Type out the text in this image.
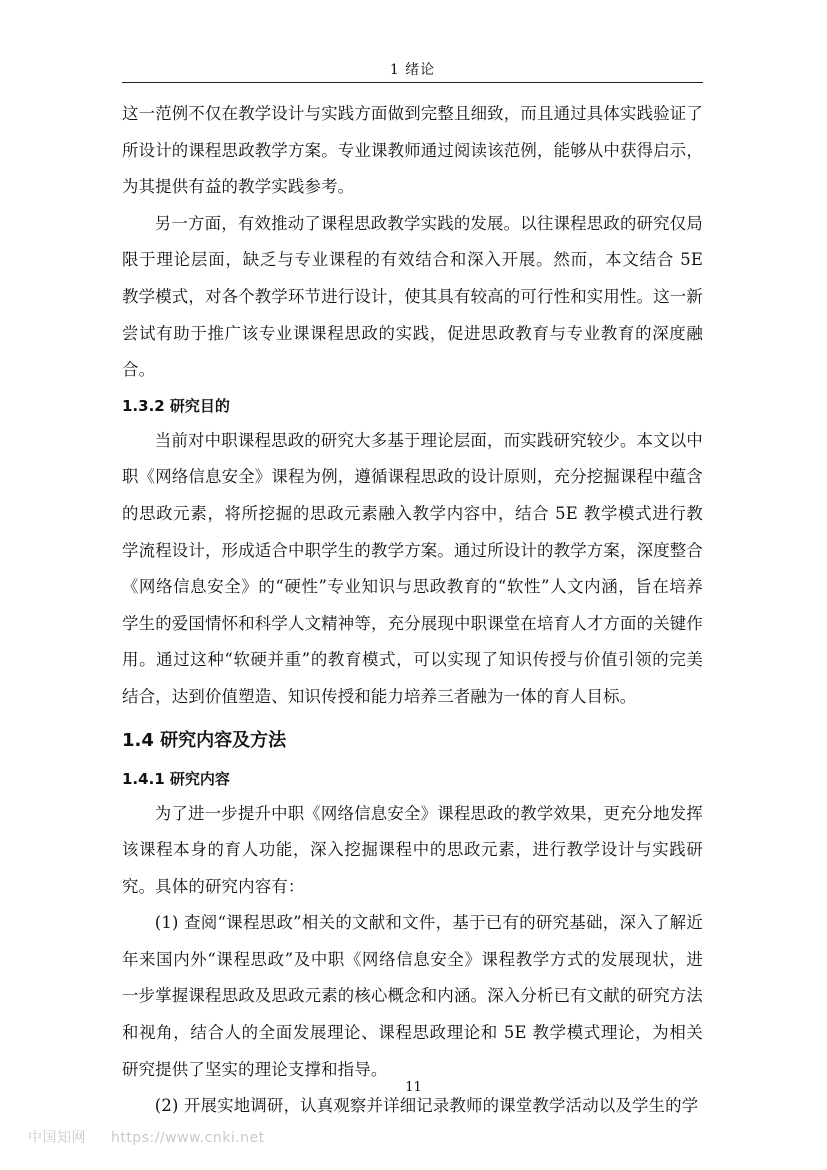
1 绪论

这一范例不仅在教学设计与实践方面做到完整且细致，而且通过具体实践验证了所设计的课程思政教学方案。专业课教师通过阅读该范例，能够从中获得启示，为其提供有益的教学实践参考。

另一方面，有效推动了课程思政教学实践的发展。以往课程思政的研究仅局限于理论层面，缺乏与专业课程的有效结合和深入开展。然而，本文结合 5E 教学模式，对各个教学环节进行设计，使其具有较高的可行性和实用性。这一新尝试有助于推广该专业课课程思政的实践，促进思政教育与专业教育的深度融合。

1.3.2 研究目的

当前对中职课程思政的研究大多基于理论层面，而实践研究较少。本文以中职《网络信息安全》课程为例，遵循课程思政的设计原则，充分挖掘课程中蕴含的思政元素，将所挖掘的思政元素融入教学内容中，结合 5E 教学模式进行教学流程设计，形成适合中职学生的教学方案。通过所设计的教学方案，深度整合《网络信息安全》的“硬性”专业知识与思政教育的“软性”人文内涵，旨在培养学生的爱国情怀和科学人文精神等，充分展现中职课堂在培育人才方面的关键作用。通过这种“软硬并重”的教育模式，可以实现了知识传授与价值引领的完美结合，达到价值塑造、知识传授和能力培养三者融为一体的育人目标。

1.4 研究内容及方法
1.4.1 研究内容

为了进一步提升中职《网络信息安全》课程思政的教学效果，更充分地发挥该课程本身的育人功能，深入挖掘课程中的思政元素，进行教学设计与实践研究。具体的研究内容有：

(1) 查阅“课程思政”相关的文献和文件，基于已有的研究基础，深入了解近年来国内外“课程思政”及中职《网络信息安全》课程教学方式的发展现状，进一步掌握课程思政及思政元素的核心概念和内涵。深入分析已有文献的研究方法和视角，结合人的全面发展理论、课程思政理论和 5E 教学模式理论，为相关研究提供了坚实的理论支撑和指导。

(2) 开展实地调研，认真观察并详细记录教师的课堂教学活动以及学生的学

11
中国知网 https://www.cnki.net
